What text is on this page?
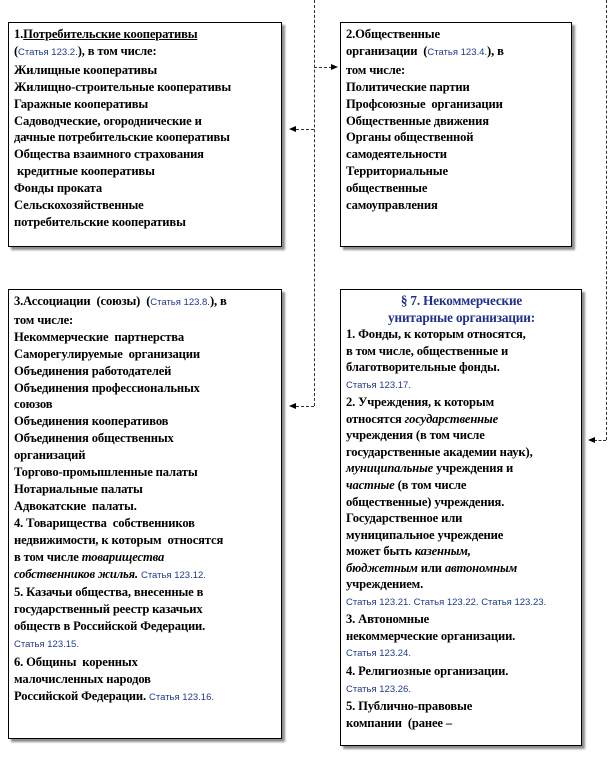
1.Потребительские кооперативы
(Статья 123.2.), в том числе:
Жилищные кооперативы
Жилищно-строительные кооперативы
Гаражные кооперативы
Садоводческие, огороднические и
дачные потребительские кооперативы
Общества взаимного страхования
кредитные кооперативы
Фонды проката
Сельскохозяйственные
потребительские кооперативы
2.Общественные
организации  (Статья 123.4.), в
том числе:
Политические партии
Профсоюзные  организации
Общественные движения
Органы общественной
самодеятельности
Территориальные
общественные
самоуправления
3.Ассоциации  (союзы)  (Статья 123.8.), в
том числе:
Некоммерческие  партнерства
Саморегулируемые  организации
Объединения работодателей
Объединения профессиональных
союзов
Объединения кооперативов
Объединения общественных
организаций
Торгово-промышленные палаты
Нотариальные палаты
Адвокатские  палаты.
4. Товарищества  собственников
недвижимости, к которым  относятся
в том числе товарищества
собственников жилья. Статья 123.12.
5. Казачьи общества, внесенные в
государственный реестр казачьих
обществ в Российской Федерации.
Статья 123.15.
6. Общины  коренных
малочисленных народов
Российской Федерации. Статья 123.16.
§ 7. Некоммерческие
унитарные организации:
1. Фонды, к которым относятся,
в том числе, общественные и
благотворительные фонды.
Статья 123.17.
2. Учреждения, к которым
относятся государственные
учреждения (в том числе
государственные академии наук),
муниципальные учреждения и
частные (в том числе
общественные) учреждения.
Государственное или
муниципальное учреждение
может быть казенным,
бюджетным или автономным
учреждением.
Статья 123.21. Статья 123.22. Статья 123.23.
3. Автономные
некоммерческие организации.
Статья 123.24.
4. Религиозные организации.
Статья 123.26.
5. Публично-правовые
компании  (ранее –
